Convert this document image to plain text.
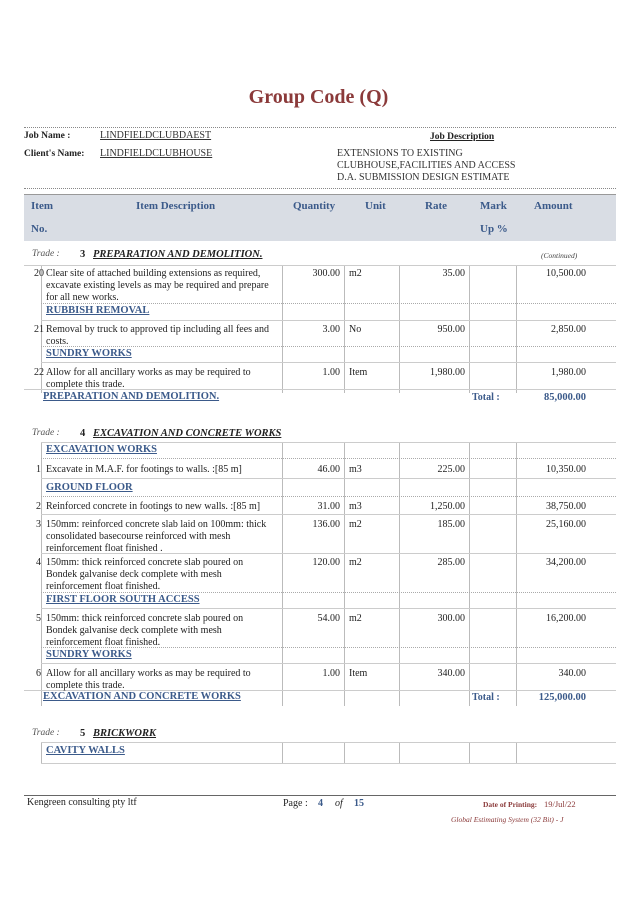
Group Code (Q)
Job Name :	LINDFIELDCLUBDAEST
Client's Name: LINDFIELDCLUBHOUSE
Job Description
EXTENSIONS TO EXISTING
CLUBHOUSE,FACILITIES AND ACCESS
D.A. SUBMISSION DESIGN ESTIMATE
Item
No.
Item Description	Quantity	Unit	Rate	Mark
Up %
Amount
Trade : 3 PREPARATION AND DEMOLITION.	(Continued)
20 Clear site of attached building extensions as required,
excavate existing levels as may be required and prepare
for all new works.
300.00 m2	35.00	10,500.00
RUBBISH REMOVAL
21 Removal by truck to approved tip including all fees and
costs.
3.00 No	950.00	2,850.00
SUNDRY WORKS
22 Allow for all ancillary works as may be required to
complete this trade.
1.00 Item	1,980.00	1,980.00
PREPARATION AND DEMOLITION.	Total :	85,000.00
Trade : 4 EXCAVATION AND CONCRETE WORKS
EXCAVATION WORKS
1 Excavate in M.A.F. for footings to walls. :[85 m]	46.00 m3	225.00	10,350.00
GROUND FLOOR
2 Reinforced concrete in footings to new walls. :[85 m]	31.00 m3	1,250.00	38,750.00
3 150mm: reinforced concrete slab laid on 100mm: thick
consolidated basecourse reinforced with mesh
reinforcement float finished .
136.00 m2	185.00	25,160.00
4 150mm: thick reinforced concrete slab poured on
Bondek galvanise deck complete with mesh
reinforcement float finished.
120.00 m2	285.00	34,200.00
FIRST FLOOR SOUTH ACCESS
5 150mm: thick reinforced concrete slab poured on
Bondek galvanise deck complete with mesh
reinforcement float finished.
54.00 m2	300.00	16,200.00
SUNDRY WORKS
6 Allow for all ancillary works as may be required to
complete this trade.
1.00 Item	340.00	340.00
EXCAVATION AND CONCRETE WORKS	Total :	125,000.00
Trade : 5 BRICKWORK
CAVITY WALLS
Kengreen consulting pty ltf	Page : 4 of 15	Date of Printing: 19/Jul/22
Global Estimating System (32 Bit) - J
